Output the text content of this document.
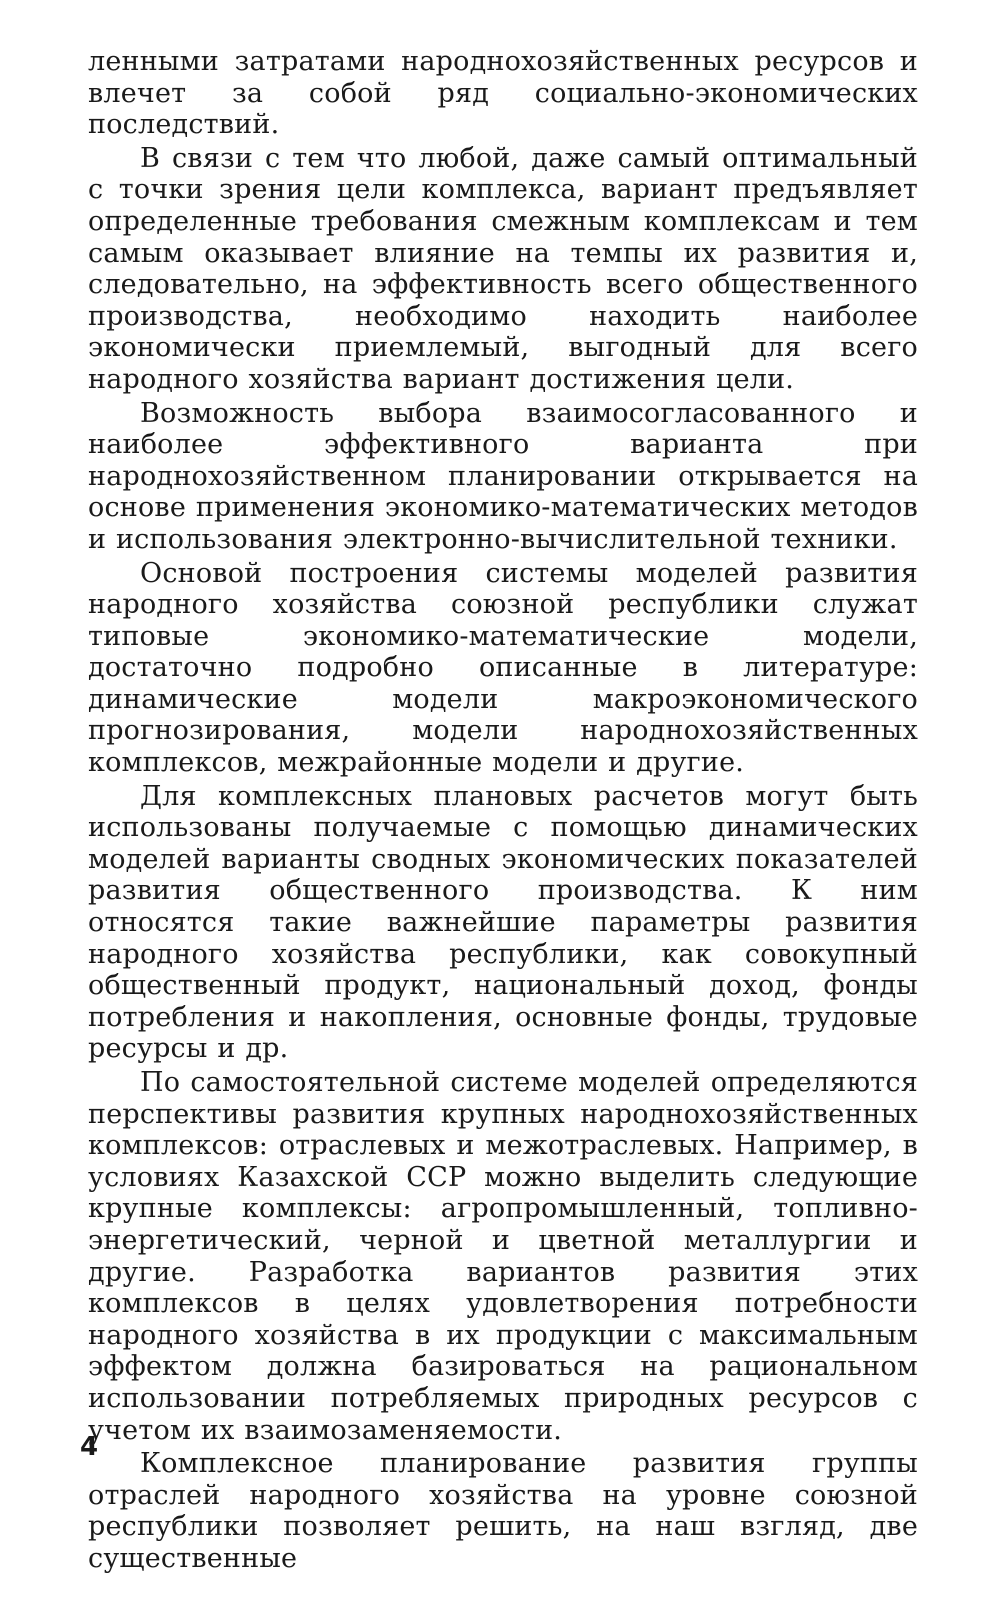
ленными затратами народнохозяйственных ресурсов и влечет за собой ряд социально-экономических последствий.

В связи с тем что любой, даже самый оптимальный с точки зрения цели комплекса, вариант предъявляет определенные требования смежным комплексам и тем самым оказывает влияние на темпы их развития и, следовательно, на эффективность всего общественного производства, необходимо находить наиболее экономически приемлемый, выгодный для всего народного хозяйства вариант достижения цели.

Возможность выбора взаимосогласованного и наиболее эффективного варианта при народнохозяйственном планировании открывается на основе применения экономико-математических методов и использования электронно-вычислительной техники.

Основой построения системы моделей развития народного хозяйства союзной республики служат типовые экономико-математические модели, достаточно подробно описанные в литературе: динамические модели макроэкономического прогнозирования, модели народнохозяйственных комплексов, межрайонные модели и другие.

Для комплексных плановых расчетов могут быть использованы получаемые с помощью динамических моделей варианты сводных экономических показателей развития общественного производства. К ним относятся такие важнейшие параметры развития народного хозяйства республики, как совокупный общественный продукт, национальный доход, фонды потребления и накопления, основные фонды, трудовые ресурсы и др.

По самостоятельной системе моделей определяются перспективы развития крупных народнохозяйственных комплексов: отраслевых и межотраслевых. Например, в условиях Казахской ССР можно выделить следующие крупные комплексы: агропромышленный, топливно-энергетический, черной и цветной металлургии и другие. Разработка вариантов развития этих комплексов в целях удовлетворения потребности народного хозяйства в их продукции с максимальным эффектом должна базироваться на рациональном использовании потребляемых природных ресурсов с учетом их взаимозаменяемости.

Комплексное планирование развития группы отраслей народного хозяйства на уровне союзной республики позволяет решить, на наш взгляд, две существенные

4
